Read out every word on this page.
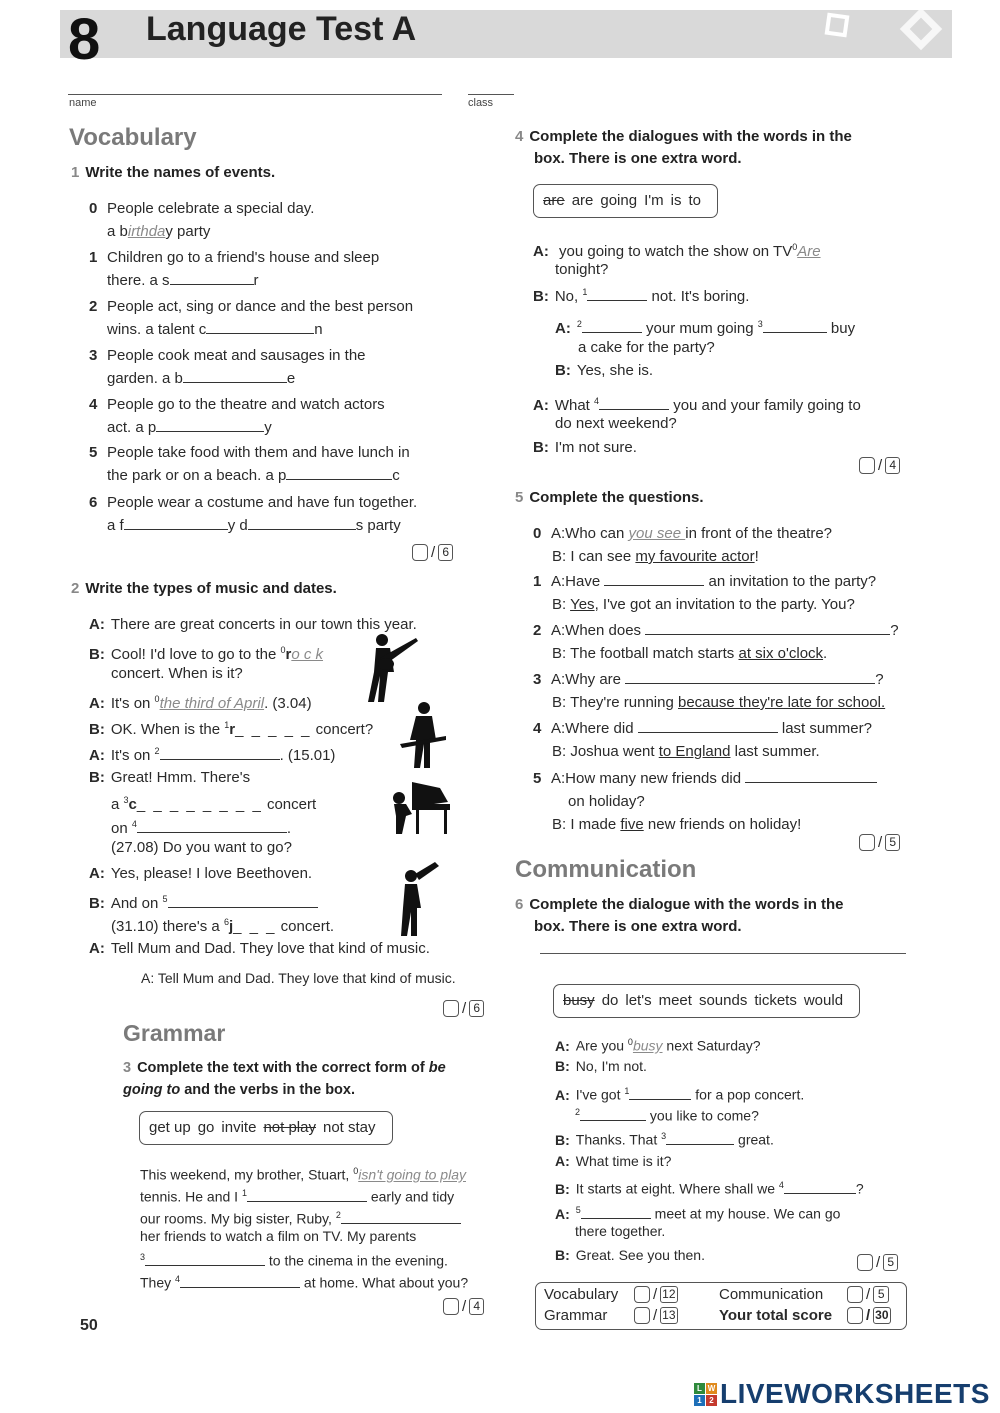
8 Language Test A
name	class
Vocabulary
1 Write the names of events.
0 People celebrate a special day.
a birthday party
1 Children go to a friend's house and sleep
there. a s	r
2 People act, sing or dance and the best person
wins. a talent c	n
3 People cook meat and sausages in the
garden. a b	e
4 People go to the theatre and watch actors
act. a p	y
5 People take food with them and have lunch in
the park or on a beach. a p	c
6 People wear a costume and have fun together.
a f	y d	s party
/ 6
2 Write the types of music and dates.
A: There are great concerts in our town this year.
B: Cool! I'd love to go to the $^0$ro c k
concert. When is it?
A: It's on $^0$the third of April. (3.04)
B: OK. When is the $^1$r_ _ _ _ _ concert?
A: It's on $^2$	. (15.01)
B: Great! Hmm. There's
a $^3$c_ _ _ _ _ _ _ _ concert
on $^4$	.
(27.08) Do you want to go?
A: Yes, please! I love Beethoven.
B: And on $^5$
(31.10) there's a $^6$j_ _ _ concert.
A: Tell Mum and Dad. They love that kind of music.
A: Tell Mum and Dad. They love that kind of music.
/ 6
Grammar
3 Complete the text with the correct form of be
going to and the verbs in the box.
get up go invite not play not stay
This weekend, my brother, Stuart, $^0$isn't going to play
tennis. He and I $^1$	early and tidy
our rooms. My big sister, Ruby, $^2$
her friends to watch a film on TV. My parents
$^3$	to the cinema in the evening.
They $^4$	at home. What about you?
/ 4
50
4 Complete the dialogues with the words in the
box. There is one extra word.
are are going I'm is to
A: you going to watch the show on $TV^0Are$
tonight?
B: No, $^1$	not. It's boring.
A: $^2$	your mum going $^3$	buy
a cake for the party?
B: Yes, she is.
A: What $^4$	you and your family going to
do next weekend?
B: I'm not sure.
/ 4
5 Complete the questions.
0 A:Who can you see in front of the theatre?
B: I can see my favourite actor!
1 A:Have	an invitation to the party?
B: Yes, I've got an invitation to the party. You?
2 A:When does	?
B: The football match starts at six o'clock.
3 A:Why are	?
B: They're running because they're late for school.
4 A:Where did	last summer?
B: Joshua went to England last summer.
5 A:How many new friends did
on holiday?
B: I made five new friends on holiday!
/ 5
Communication
6 Complete the dialogue with the words in the
box. There is one extra word.
busy do let's meet sounds tickets would
A: Are you $^0$busy next Saturday?
B: No, I'm not.
A: I've got $^1$	for a pop concert.
$^2$	you like to come?
B: Thanks. That $^3$	great.
A: What time is it?
B: It starts at eight. Where shall we $^4$	?
A: $^5$	meet at my house. We can go
there together.
B: Great. See you then.	/ 5
Vocabulary	/ 12
Grammar	/ 13
Communication	/ 5
Your total score	/ 30
L W
1 2 LIVEWORKSHEETS
